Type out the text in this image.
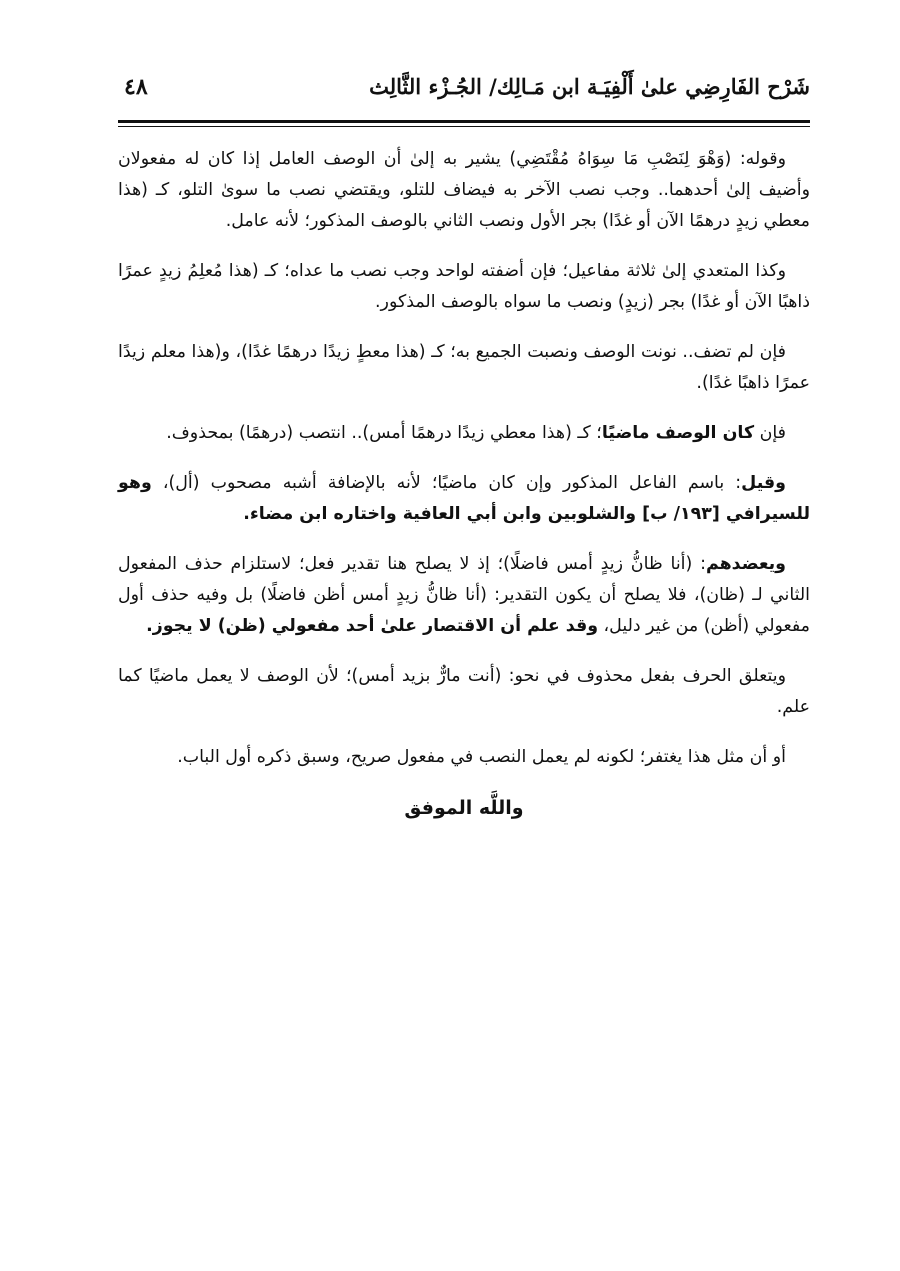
شَرْح الفَارِضِي علىٰ أَلْفِيَـة ابن مَـالِك/ الجُـزْء الثَّالِث
٤٨

وقوله: (وَهْوَ لِنَصْبِ مَا سِوَاهُ مُقْتَضِي) يشير به إلىٰ أن الوصف العامل إذا كان له مفعولان وأضيف إلىٰ أحدهما.. وجب نصب الآخر به فيضاف للتلو، ويقتضي نصب ما سوىٰ التلو، كـ (هذا معطي زيدٍ درهمًا الآن أو غدًا) بجر الأول ونصب الثاني بالوصف المذكور؛ لأنه عامل.

وكذا المتعدي إلىٰ ثلاثة مفاعيل؛ فإن أضفته لواحد وجب نصب ما عداه؛ كـ (هذا مُعلِمُ زيدٍ عمرًا ذاهبًا الآن أو غدًا) بجر (زيدٍ) ونصب ما سواه بالوصف المذكور.

فإن لم تضف.. نونت الوصف ونصبت الجميع به؛ كـ (هذا معطٍ زيدًا درهمًا غدًا)، و(هذا معلم زيدًا عمرًا ذاهبًا غدًا).

فإن كان الوصف ماضيًا؛ كـ (هذا معطي زيدًا درهمًا أمس).. انتصب (درهمًا) بمحذوف.

وقيل: باسم الفاعل المذكور وإن كان ماضيًا؛ لأنه بالإضافة أشبه مصحوب (أل)، وهو للسيرافي [١٩٣/ ب] والشلوبين وابن أبي العافية واختاره ابن مضاء.

ويعضدهم: (أنا ظانُّ زيدٍ أمس فاضلًا)؛ إذ لا يصلح هنا تقدير فعل؛ لاستلزام حذف المفعول الثاني لـ (ظان)، فلا يصلح أن يكون التقدير: (أنا ظانُّ زيدٍ أمس أظن فاضلًا) بل وفيه حذف أول مفعولي (أظن) من غير دليل، وقد علم أن الاقتصار علىٰ أحد مفعولي (ظن) لا يجوز.

ويتعلق الحرف بفعل محذوف في نحو: (أنت مارٌّ بزيد أمس)؛ لأن الوصف لا يعمل ماضيًا كما علم.

أو أن مثل هذا يغتفر؛ لكونه لم يعمل النصب في مفعول صريح، وسبق ذكره أول الباب.

واللَّه الموفق
